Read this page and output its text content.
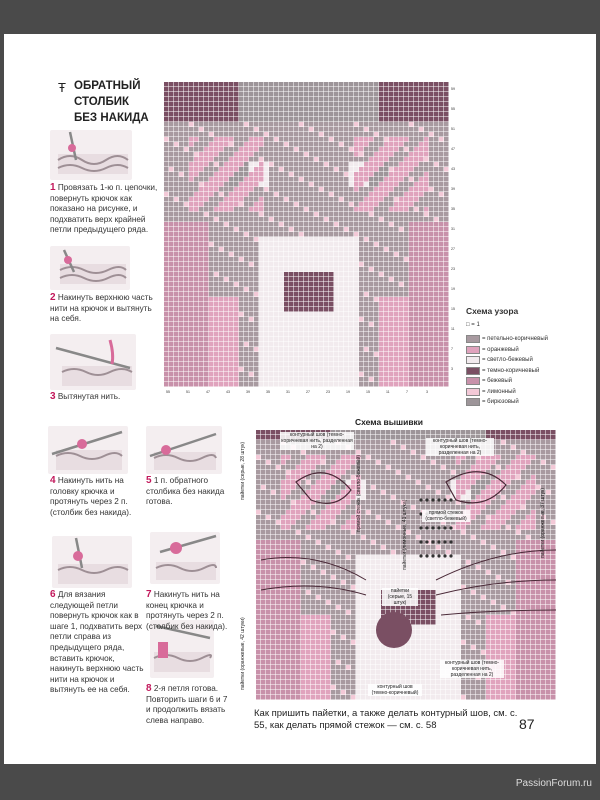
Ŧ ОБРАТНЫЙ
СТОЛБИК
БЕЗ НАКИДА
1 Провязать 1-ю п. цепочки, повернуть крючок как показано на рисунке, и подхватить верх крайней петли предыдущего ряда.
2 Накинуть верхнюю часть нити на крючок и вытянуть на себя.
3 Вытянутая нить.
4 Накинуть нить на головку крючка и протянуть через 2 п. (столбик без накида).
5 1 п. обратного столбика без накида готова.
6 Для вязания следующей петли повернуть крючок как в шаге 1, подхватить верх петли справа из предыдущего ряда, вставить крючок, накинуть верхнюю часть нити на крючок и вытянуть ее на себя.
7 Накинуть нить на конец крючка и протянуть через 2 п. (столбик без накида).
8 2-я петля готова. Повторить шаги 6 и 7 и продолжить вязать слева направо.
59
55
51
47
43
39
35
31
27
23
19
15
11
7
3
55	51	47	43	39	35	31	27	23	19	15	11	7	3
Схема узора
□ = 1
= петельно-коричневый
= оранжевый
= светло-бежевый
= темно-коричневый
= бежевый
= лимонный
= бирюзовый
Схема вышивки
пайетки (оранжевые, 42 штуки)
пайетки (серые, 28 штук)
контурный шов (темно-коричневая нить, разделенная на 2)
контурный шов (темно-коричневая нить, разделенная на 2)
прямой стежок (светло-бежевый)	прямой стежок (светло-бежевый)
пайетки (лимонные, 41 штука)
пайетки (серые, 15 штук)
пайетки (оранжевые, 37 штук)
контурный шов (темно-коричневая нить, разделенная на 2)
контурный шов (темно-коричневый)
Как пришить пайетки, а также делать контурный шов, см. с. 55, как делать прямой стежок — см. с. 58	87
PassionForum.ru
